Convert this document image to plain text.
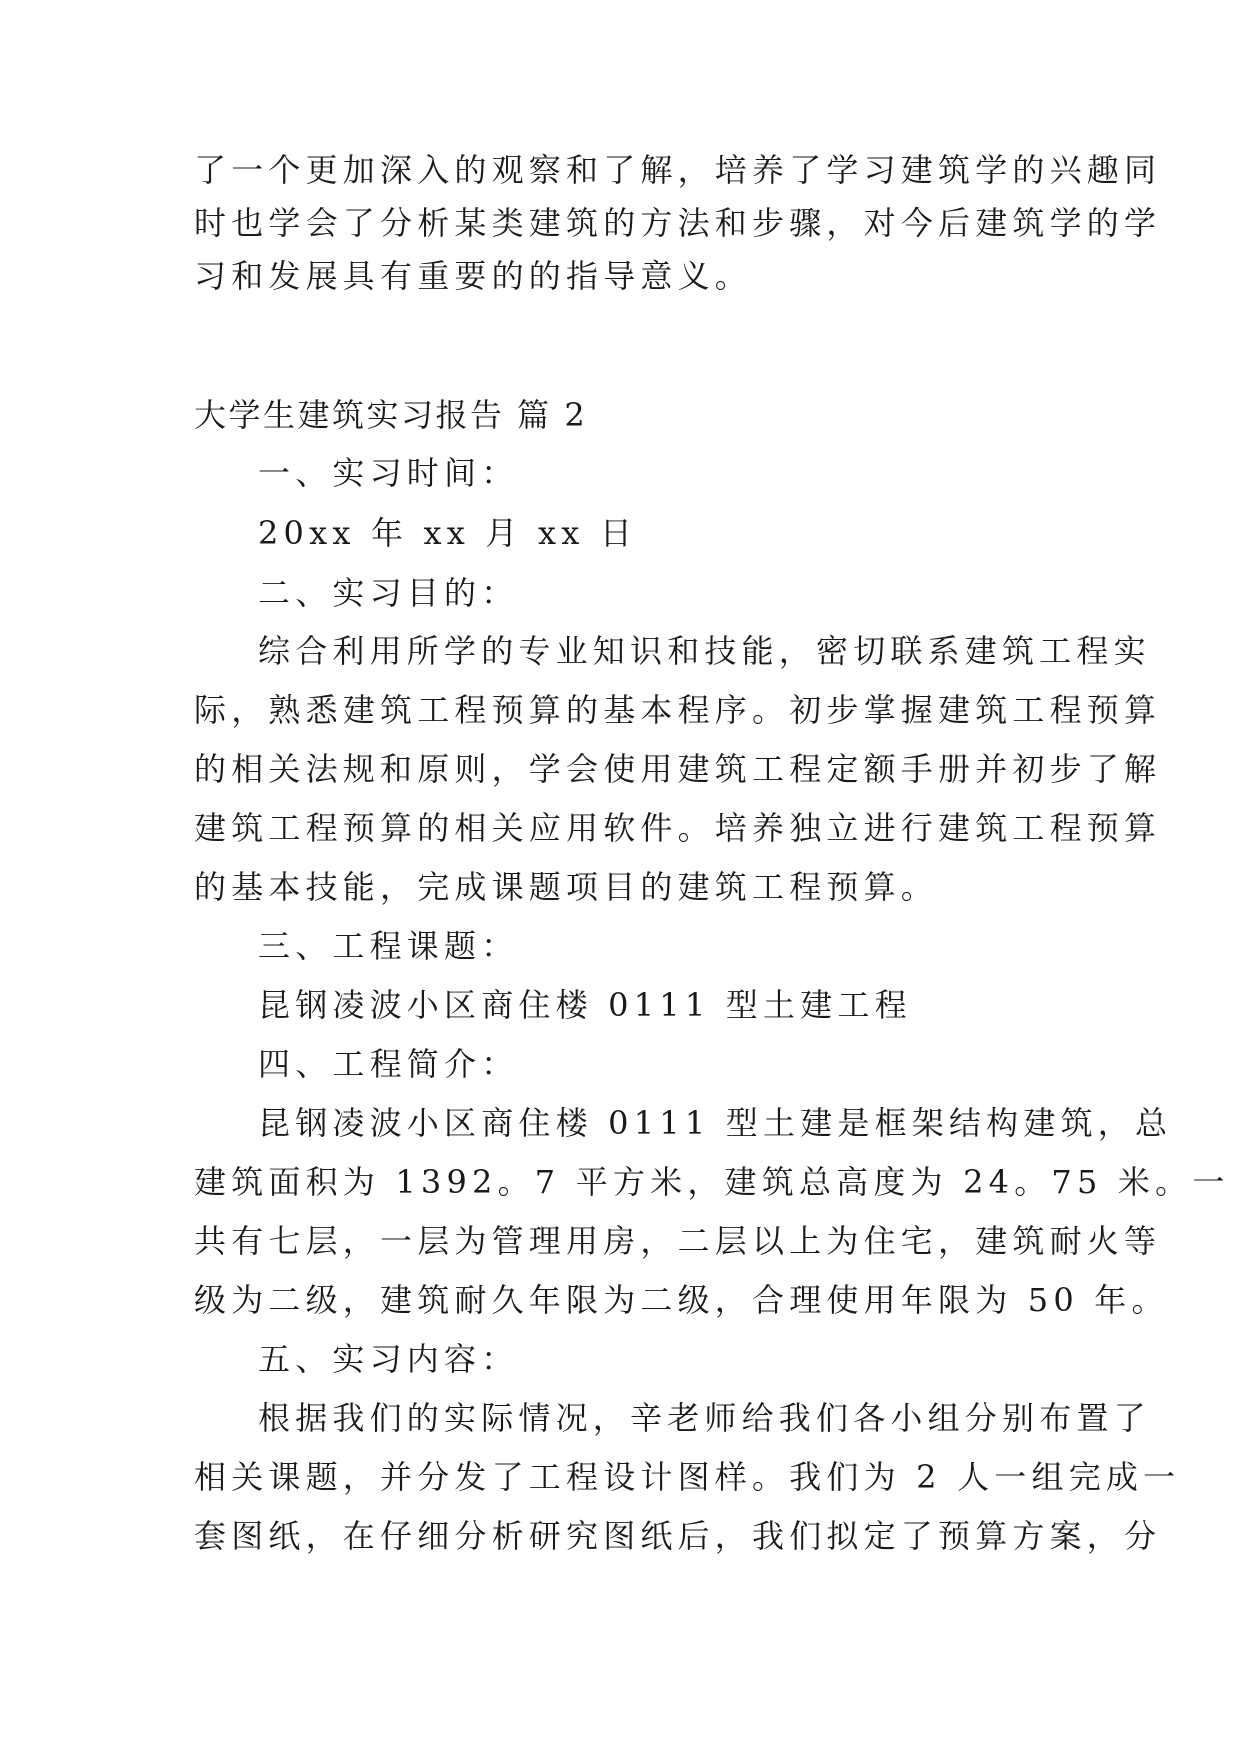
了一个更加深入的观察和了解，培养了学习建筑学的兴趣同
时也学会了分析某类建筑的方法和步骤，对今后建筑学的学
习和发展具有重要的的指导意义。
大学生建筑实习报告 篇 2
一、实习时间：
20xx 年 xx 月 xx 日
二、实习目的：
综合利用所学的专业知识和技能，密切联系建筑工程实
际，熟悉建筑工程预算的基本程序。初步掌握建筑工程预算
的相关法规和原则，学会使用建筑工程定额手册并初步了解
建筑工程预算的相关应用软件。培养独立进行建筑工程预算
的基本技能，完成课题项目的建筑工程预算。
三、工程课题：
昆钢凌波小区商住楼 0111 型土建工程
四、工程简介：
昆钢凌波小区商住楼 0111 型土建是框架结构建筑，总
建筑面积为 1392。7 平方米，建筑总高度为 24。75 米。一
共有七层，一层为管理用房，二层以上为住宅，建筑耐火等
级为二级，建筑耐久年限为二级，合理使用年限为 50 年。
五、实习内容：
根据我们的实际情况，辛老师给我们各小组分别布置了
相关课题，并分发了工程设计图样。我们为 2 人一组完成一
套图纸，在仔细分析研究图纸后，我们拟定了预算方案，分
